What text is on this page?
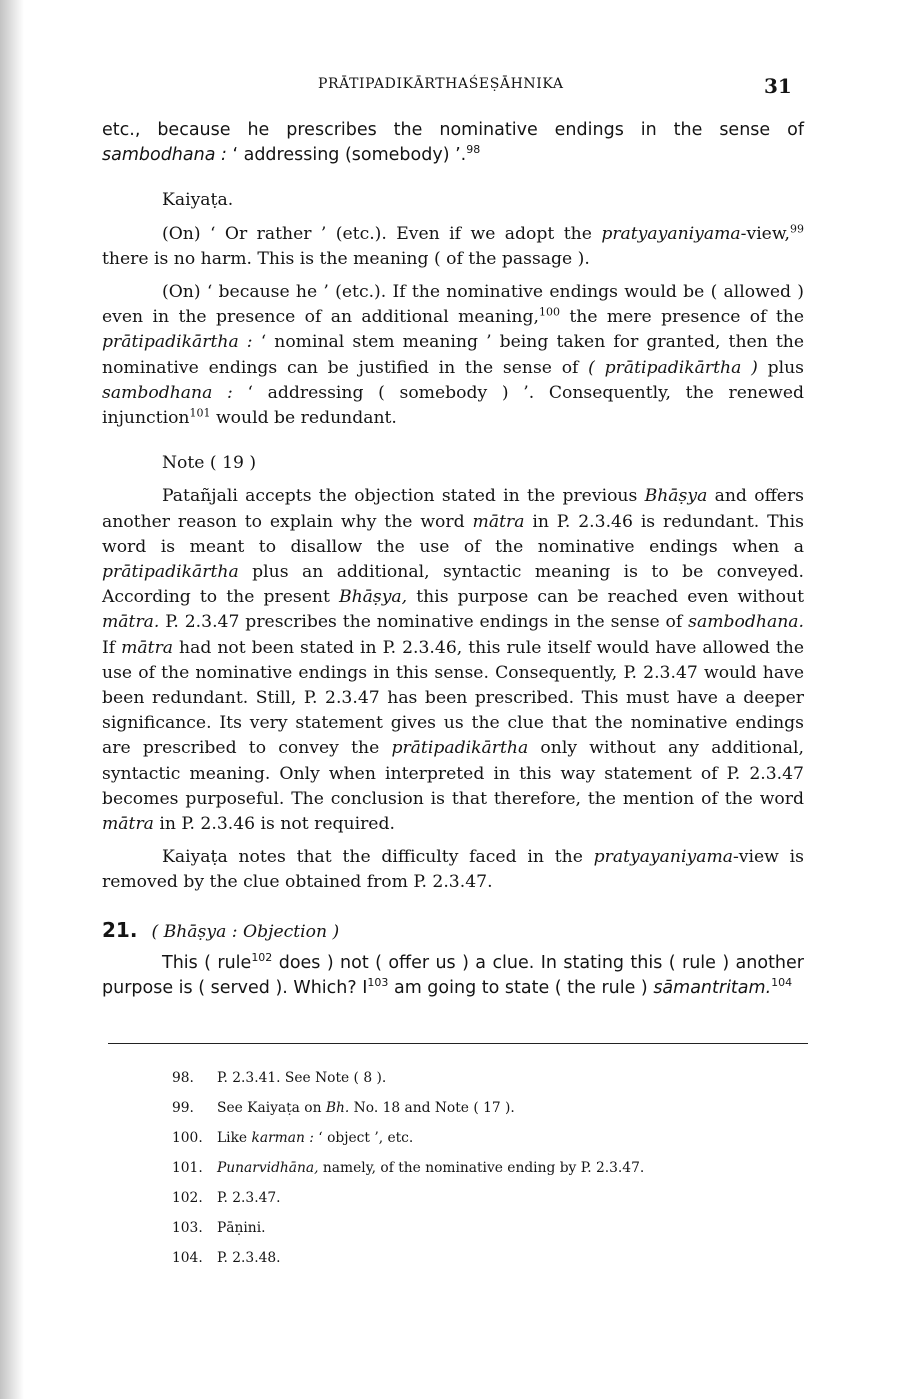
PRĀTIPADIKĀRTHAŚEṢĀHNIKA	31

etc., because he prescribes the nominative endings in the sense of sambodhana : ‘ addressing (somebody) ’.$^{98}$

Kaiyaṭa.

(On) ‘ Or rather ’ (etc.). Even if we adopt the pratyayaniyama-view,$^{99}$ there is no harm. This is the meaning ( of the passage ).

(On) ‘ because he ’ (etc.). If the nominative endings would be ( allowed ) even in the presence of an additional meaning,$^{100}$ the mere presence of the prātipadikārtha : ‘ nominal stem meaning ’ being taken for granted, then the nominative endings can be justified in the sense of ( prātipadikārtha ) plus sambodhana : ‘ addressing ( somebody ) ’. Consequently, the renewed injunction$^{101}$ would be redundant.

Note ( 19 )

Patañjali accepts the objection stated in the previous Bhāṣya and offers another reason to explain why the word mātra in P. 2.3.46 is redundant. This word is meant to disallow the use of the nominative endings when a prātipadikārtha plus an additional, syntactic meaning is to be conveyed. According to the present Bhāṣya, this purpose can be reached even without mātra. P. 2.3.47 prescribes the nominative endings in the sense of sambodhana. If mātra had not been stated in P. 2.3.46, this rule itself would have allowed the use of the nominative endings in this sense. Consequently, P. 2.3.47 would have been redundant. Still, P. 2.3.47 has been prescribed. This must have a deeper significance. Its very statement gives us the clue that the nominative endings are prescribed to convey the prātipadikārtha only without any additional, syntactic meaning. Only when interpreted in this way statement of P. 2.3.47 becomes purposeful. The conclusion is that therefore, the mention of the word mātra in P. 2.3.46 is not required.

Kaiyaṭa notes that the difficulty faced in the pratyayaniyama-view is removed by the clue obtained from P. 2.3.47.

21. ( Bhāṣya : Objection )

This ( rule$^{102}$ does ) not ( offer us ) a clue. In stating this ( rule ) another purpose is ( served ). Which? $I^{103}$ am going to state ( the rule ) sāmantritam.$^{104}$

98. P. 2.3.41. See Note ( 8 ).
99. See Kaiyaṭa on Bh. No. 18 and Note ( 17 ).
100. Like karman : ‘ object ’, etc.
101. Punarvidhāna, namely, of the nominative ending by P. 2.3.47.
102. P. 2.3.47.
103. Pāṇini.
104. P. 2.3.48.
